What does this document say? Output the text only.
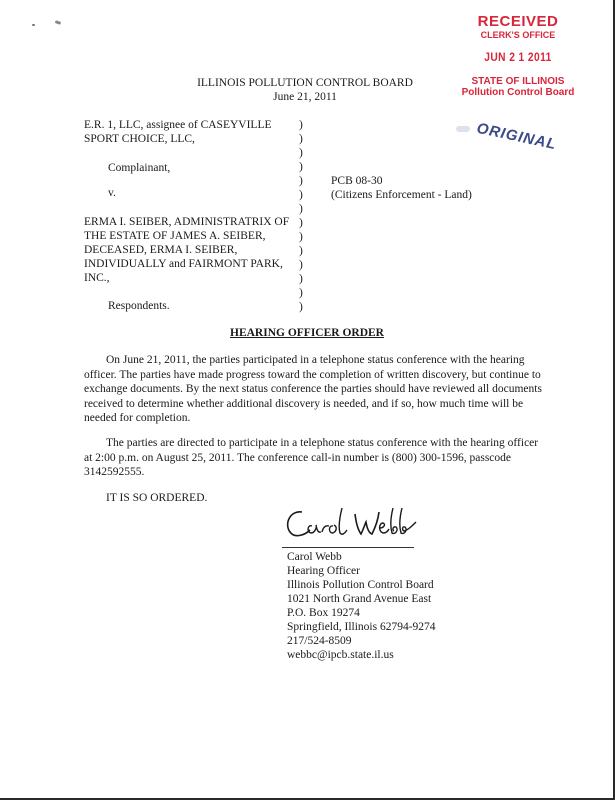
RECEIVED
CLERK'S OFFICE
JUN 2 1 2011
STATE OF ILLINOIS
Pollution Control Board
ORIGINAL
ILLINOIS POLLUTION CONTROL BOARD
June 21, 2011
E.R. 1, LLC, assignee of CASEYVILLE
SPORT CHOICE, LLC,
Complainant,
v.
ERMA I. SEIBER, ADMINISTRATRIX OF
THE ESTATE OF JAMES A. SEIBER,
DECEASED, ERMA I. SEIBER,
INDIVIDUALLY and FAIRMONT PARK,
INC.,
Respondents.
)
)
)
)
)
)
)
)
)
)
)
)
)
)
PCB 08-30
(Citizens Enforcement - Land)
HEARING OFFICER ORDER
On June 21, 2011, the parties participated in a telephone status conference with the hearing officer. The parties have made progress toward the completion of written discovery, but continue to exchange documents. By the next status conference the parties should have reviewed all documents received to determine whether additional discovery is needed, and if so, how much time will be needed for completion.
The parties are directed to participate in a telephone status conference with the hearing officer at 2:00 p.m. on August 25, 2011. The conference call-in number is (800) 300-1596, passcode 3142592555.
IT IS SO ORDERED.
Carol Webb
Hearing Officer
Illinois Pollution Control Board
1021 North Grand Avenue East
P.O. Box 19274
Springfield, Illinois 62794-9274
217/524-8509
webbc@ipcb.state.il.us
